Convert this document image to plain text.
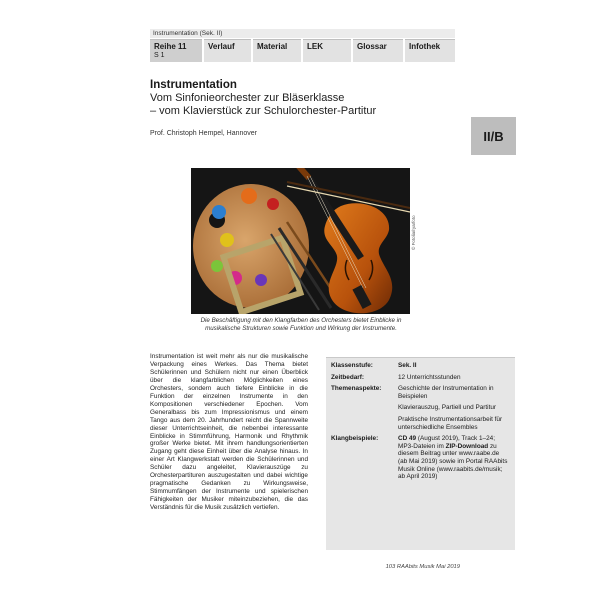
Instrumentation (Sek. II)
Reihe 11
S 1
Verlauf	Material	LEK	Glossar	Infothek
Instrumentation
Vom Sinfonieorchester zur Bläserklasse
– vom Klavierstück zur Schulorchester-Partitur
Prof. Christoph Hempel, Hannover	II/B
© Fotolia/ryarfoto
Die Beschäftigung mit den Klangfarben des Orchesters bietet Einblicke in
musikalische Strukturen sowie Funktion und Wirkung der Instrumente.
Instrumentation ist weit mehr als nur die musikalische Verpackung eines Werkes. Das Thema bietet Schülerinnen und Schülern nicht nur einen Überblick über die klangfarblichen Möglichkeiten eines Orchesters, sondern auch tiefere Einblicke in die Funktion der einzelnen Instrumente in den Kompositionen verschiedener Epochen. Vom Generalbass bis zum Impressionismus und einem Tango aus dem 20. Jahrhundert reicht die Spannweite dieser Unterrichtseinheit, die nebenbei interessante Einblicke in Stimmführung, Harmonik und Rhythmik großer Werke bietet. Mit ihrem handlungsorientierten Zugang geht diese Einheit über die Analyse hinaus. In einer Art Klangwerkstatt werden die Schülerinnen und Schüler dazu angeleitet, Klavierauszüge zu Orchesterpartituren auszugestalten und dabei wichtige pragmatische Gedanken zu Wirkungsweise, Stimmumfängen der Instrumente und spielerischen Fähigkeiten der Musiker miteinzubeziehen, die das Verständnis für die Musik zusätzlich vertiefen.
Klassenstufe:	Sek. II
Zeitbedarf:	12 Unterrichtsstunden
Themenaspekte:	Geschichte der Instrumentation in Beispielen

Klavierauszug, Partiell und Partitur

Praktische Instrumentationsarbeit für unterschiedliche Ensembles

Klangbeispiele:	CD 49 (August 2019), Track 1–24; MP3-Dateien im ZIP-Download zu diesem Beitrag unter www.raabe.de (ab Mai 2019) sowie im Portal RAAbits Musik Online (www.raabits.de/musik; ab April 2019)
103 RAAbits Musik Mai 2019
